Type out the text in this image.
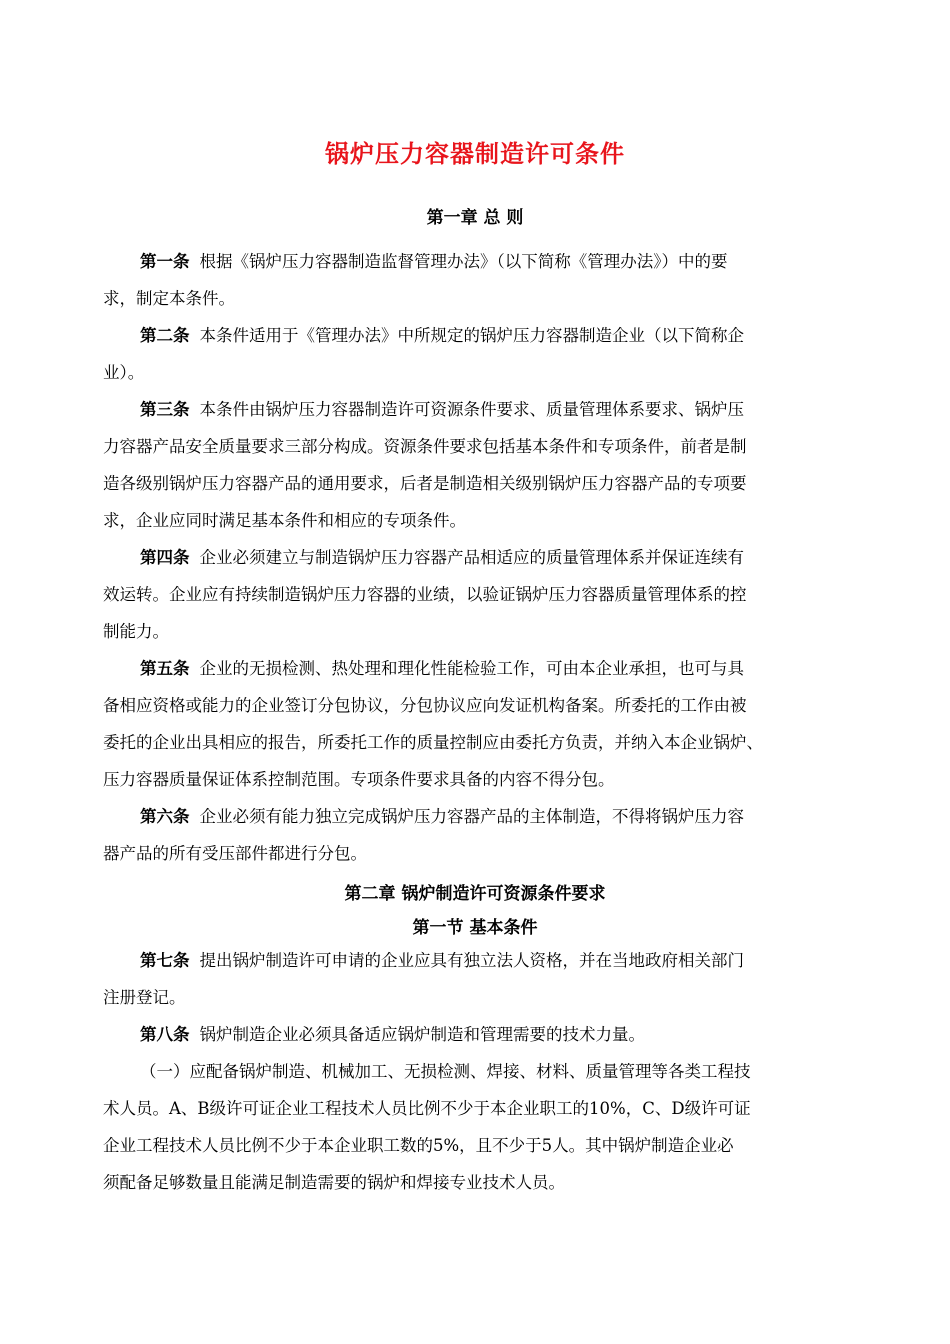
锅炉压力容器制造许可条件
第一章 总 则
第一条 根据《锅炉压力容器制造监督管理办法》（以下简称《管理办法》）中的要
求，制定本条件。
第二条 本条件适用于《管理办法》中所规定的锅炉压力容器制造企业（以下简称企
业）。
第三条 本条件由锅炉压力容器制造许可资源条件要求、质量管理体系要求、锅炉压
力容器产品安全质量要求三部分构成。资源条件要求包括基本条件和专项条件，前者是制
造各级别锅炉压力容器产品的通用要求，后者是制造相关级别锅炉压力容器产品的专项要
求，企业应同时满足基本条件和相应的专项条件。
第四条 企业必须建立与制造锅炉压力容器产品相适应的质量管理体系并保证连续有
效运转。企业应有持续制造锅炉压力容器的业绩，以验证锅炉压力容器质量管理体系的控
制能力。
第五条 企业的无损检测、热处理和理化性能检验工作，可由本企业承担，也可与具
备相应资格或能力的企业签订分包协议，分包协议应向发证机构备案。所委托的工作由被
委托的企业出具相应的报告，所委托工作的质量控制应由委托方负责，并纳入本企业锅炉、
压力容器质量保证体系控制范围。专项条件要求具备的内容不得分包。
第六条 企业必须有能力独立完成锅炉压力容器产品的主体制造，不得将锅炉压力容
器产品的所有受压部件都进行分包。
第二章 锅炉制造许可资源条件要求
第一节 基本条件
第七条 提出锅炉制造许可申请的企业应具有独立法人资格，并在当地政府相关部门
注册登记。
第八条 锅炉制造企业必须具备适应锅炉制造和管理需要的技术力量。
（一）应配备锅炉制造、机械加工、无损检测、焊接、材料、质量管理等各类工程技
术人员。A、B级许可证企业工程技术人员比例不少于本企业职工的10%，C、D级许可证
企业工程技术人员比例不少于本企业职工数的5%，且不少于5人。其中锅炉制造企业必
须配备足够数量且能满足制造需要的锅炉和焊接专业技术人员。
